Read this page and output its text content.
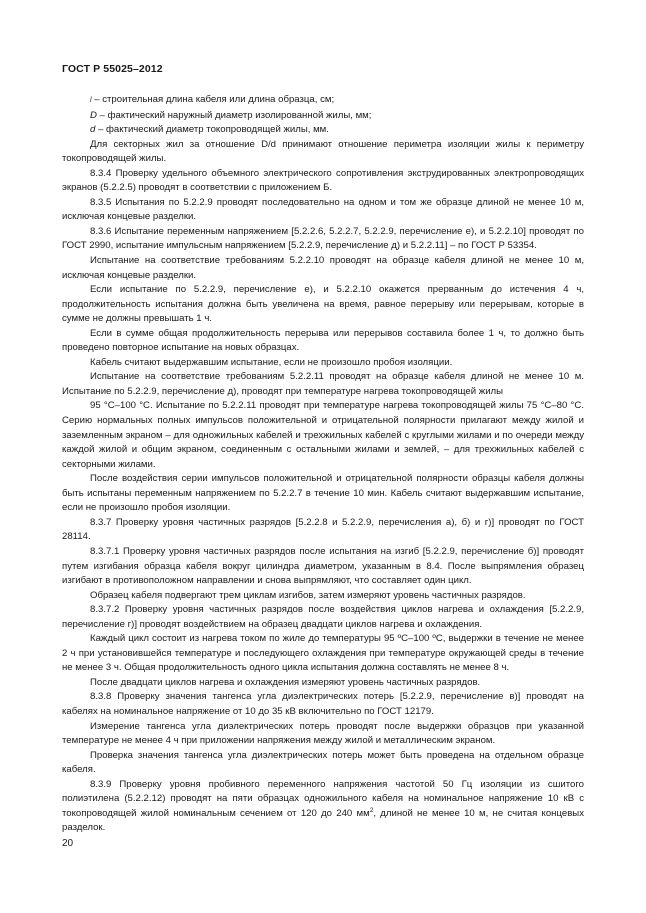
ГОСТ Р 55025–2012

l – строительная длина кабеля или длина образца, см;

D – фактический наружный диаметр изолированной жилы, мм;

d – фактический диаметр токопроводящей жилы, мм.

Для секторных жил за отношение D/d принимают отношение периметра изоляции жилы к периметру токопроводящей жилы.

8.3.4 Проверку удельного объемного электрического сопротивления экструдированных электропроводящих экранов (5.2.2.5) проводят в соответствии с приложением Б.

8.3.5 Испытания по 5.2.2.9 проводят последовательно на одном и том же образце длиной не менее 10 м, исключая концевые разделки.

8.3.6 Испытание переменным напряжением [5.2.2.6, 5.2.2.7, 5.2.2.9, перечисление е), и 5.2.2.10] проводят по ГОСТ 2990, испытание импульсным напряжением [5.2.2.9, перечисление д) и 5.2.2.11] – по ГОСТ Р 53354.

Испытание на соответствие требованиям 5.2.2.10 проводят на образце кабеля длиной не менее 10 м, исключая концевые разделки.

Если испытание по 5.2.2.9, перечисление е), и 5.2.2.10 окажется прерванным до истечения 4 ч, продолжительность испытания должна быть увеличена на время, равное перерыву или перерывам, которые в сумме не должны превышать 1 ч.

Если в сумме общая продолжительность перерыва или перерывов составила более 1 ч, то должно быть проведено повторное испытание на новых образцах.

Кабель считают выдержавшим испытание, если не произошло пробоя изоляции.

Испытание на соответствие требованиям 5.2.2.11 проводят на образце кабеля длиной не менее 10 м. Испытание по 5.2.2.9, перечисление д), проводят при температуре нагрева токопроводящей жилы

95 °С–100 °С. Испытание по 5.2.2.11 проводят при температуре нагрева токопроводящей жилы 75 °С–80 °С. Серию нормальных полных импульсов положительной и отрицательной полярности прилагают между жилой и заземленным экраном – для одножильных кабелей и трехжильных кабелей с круглыми жилами и по очереди между каждой жилой и общим экраном, соединенным с остальными жилами и землей, – для трехжильных кабелей с секторными жилами.

После воздействия серии импульсов положительной и отрицательной полярности образцы кабеля должны быть испытаны переменным напряжением по 5.2.2.7 в течение 10 мин. Кабель считают выдержавшим испытание, если не произошло пробоя изоляции.

8.3.7 Проверку уровня частичных разрядов [5.2.2.8 и 5.2.2.9, перечисления а), б) и г)] проводят по ГОСТ 28114.

8.3.7.1 Проверку уровня частичных разрядов после испытания на изгиб [5.2.2.9, перечисление б)] проводят путем изгибания образца кабеля вокруг цилиндра диаметром, указанным в 8.4. После выпрямления образец изгибают в противоположном направлении и снова выпрямляют, что составляет один цикл.

Образец кабеля подвергают трем циклам изгибов, затем измеряют уровень частичных разрядов.

8.3.7.2 Проверку уровня частичных разрядов после воздействия циклов нагрева и охлаждения [5.2.2.9, перечисление г)] проводят воздействием на образец двадцати циклов нагрева и охлаждения.

Каждый цикл состоит из нагрева током по жиле до температуры 95 ºС–100 ºС, выдержки в течение не менее 2 ч при установившейся температуре и последующего охлаждения при температуре окружающей среды в течение не менее 3 ч. Общая продолжительность одного цикла испытания должна составлять не менее 8 ч.

После двадцати циклов нагрева и охлаждения измеряют уровень частичных разрядов.

8.3.8 Проверку значения тангенса угла диэлектрических потерь [5.2.2.9, перечисление в)] проводят на кабелях на номинальное напряжение от 10 до 35 кВ включительно по ГОСТ 12179.

Измерение тангенса угла диэлектрических потерь проводят после выдержки образцов при указанной температуре не менее 4 ч при приложении напряжения между жилой и металлическим экраном.

Проверка значения тангенса угла диэлектрических потерь может быть проведена на отдельном образце кабеля.

8.3.9 Проверку уровня пробивного переменного напряжения частотой 50 Гц изоляции из сшитого полиэтилена (5.2.2.12) проводят на пяти образцах одножильного кабеля на номинальное напряжение 10 кВ с токопроводящей жилой номинальным сечением от 120 до 240 $мм^2$, длиной не менее 10 м, не считая концевых разделок.

20
